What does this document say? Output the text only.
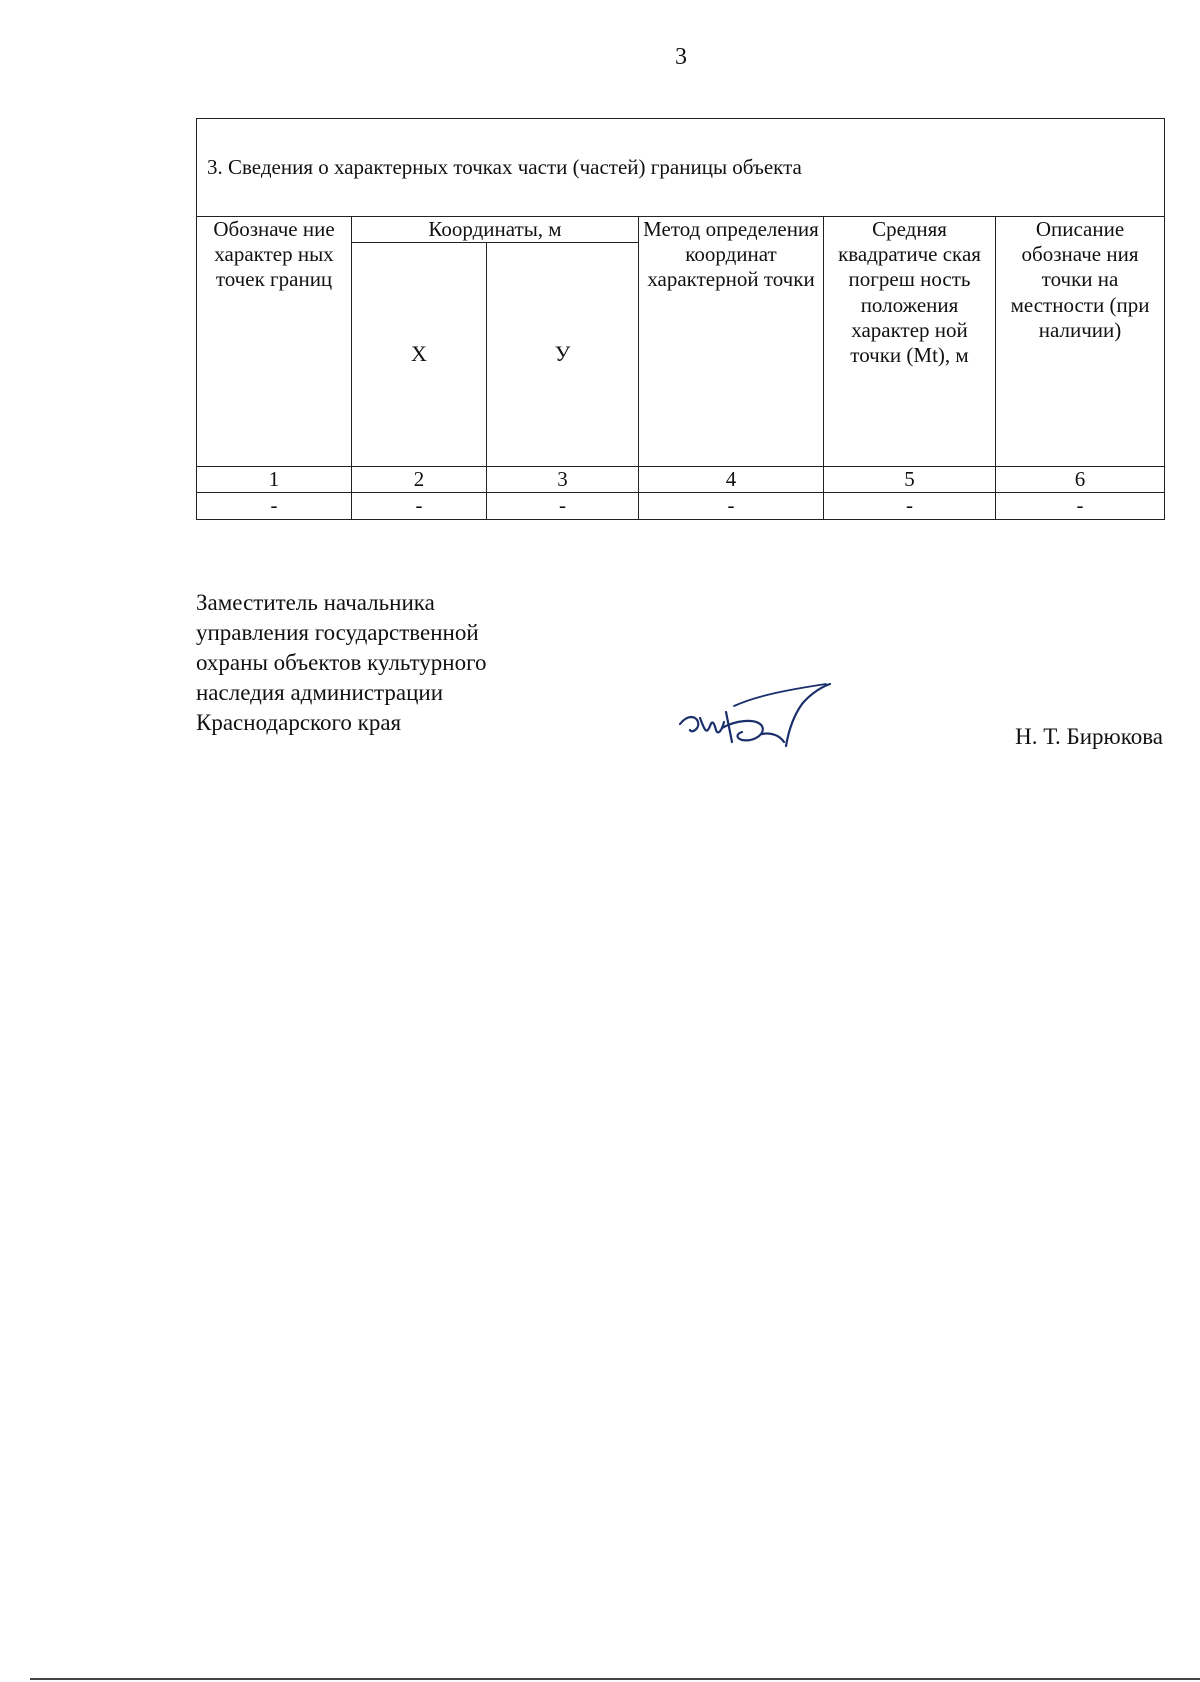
3
3. Сведения о характерных точках части (частей) границы объекта					
Обозначе ние характер ных точек границ	Координаты, м		Метод определения координат характерной точки	Средняя квадратиче ская погреш ность положения характер ной точки (Mt), м	Описание обозначе ния точки на местности (при наличии)
	X	У			
1	2	3	4	5	6
-	-	-	-	-	-
Заместитель начальника
управления государственной
охраны объектов культурного
наследия администрации
Краснодарского края
Н. Т. Бирюкова
